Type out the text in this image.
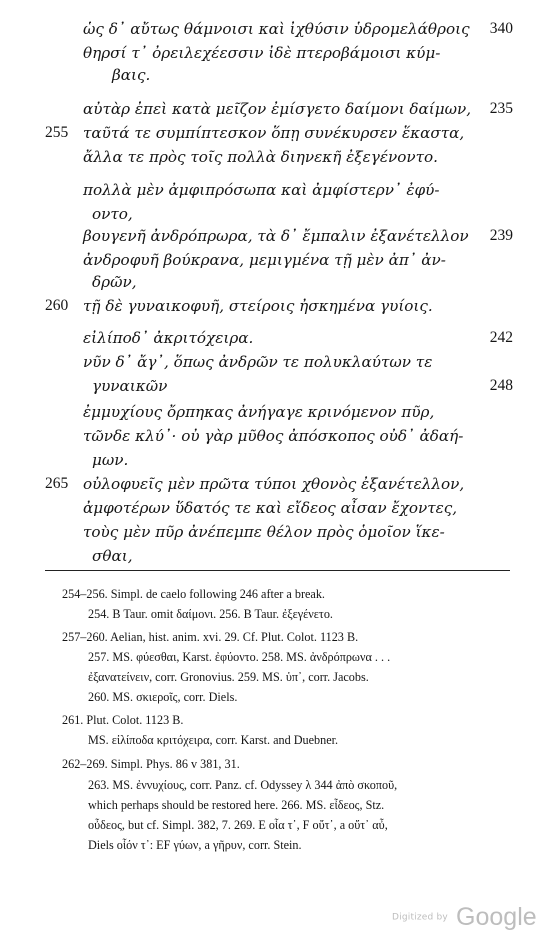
ὡς δ᾿ αὔτως θάμνοισι καὶ ἰχθύσιν ὑδρομελάθροις 340
θηρσί τ᾿ ὀρειλεχέεσσιν ἰδὲ πτεροβάμοισι κύμ-
βαις.
αὐτὰρ ἐπεὶ κατὰ μεῖζον ἐμίσγετο δαίμονι δαίμων, 235
ταῦτά τε συμπίπτεσκον ὅπῃ συνέκυρσεν ἕκαστα,
255
ἄλλα τε πρὸς τοῖς πολλὰ διηνεκῆ ἐξεγένοντο.
πολλὰ μὲν ἀμφιπρόσωπα καὶ ἀμφίστερν᾿ ἐφύ-
οντο,
βουγενῆ ἀνδρόπρωρα, τὰ δ᾿ ἔμπαλιν ἐξανέτελλον 239
ἀνδροφυῆ βούκρανα, μεμιγμένα τῇ μὲν ἀπ᾿ ἀν-
δρῶν,
τῇ δὲ γυναικοφυῆ, στείροις ἠσκημένα γυίοις.
260
εἰλίποδ᾿ ἀκριτόχειρα.	242
νῦν δ᾿ ἄγ᾿, ὅπως ἀνδρῶν τε πολυκλαύτων τε
γυναικῶν	248
ἐμμυχίους ὄρπηκας ἀνήγαγε κρινόμενον πῦρ,
τῶνδε κλύ᾿· οὐ γὰρ μῦθος ἀπόσκοπος οὐδ᾿ ἀδαή-
μων.
οὐλοφυεῖς μὲν πρῶτα τύποι χθονὸς ἐξανέτελλον,
265
ἀμφοτέρων ὕδατός τε καὶ εἴδεος αἶσαν ἔχοντες,
τοὺς μὲν πῦρ ἀνέπεμπε θέλον πρὸς ὁμοῖον ἵκε-
σθαι,
254–256. Simpl. de caelo following 246 after a break.
254. B Taur. omit δαίμονι. 256. B Taur. ἐξεγένετο.
257–260. Aelian, hist. anim. xvi. 29. Cf. Plut. Colot. 1123 B.
257. MS. φύεσθαι, Karst. ἐφύοντο. 258. MS. ἀνδρόπρωνα . . .
ἐξανατείνειν, corr. Gronovius. 259. MS. ὑπ᾿, corr. Jacobs.
260. MS. σκιεροῖς, corr. Diels.
261. Plut. Colot. 1123 B.
MS. εἰλίποδα κριτόχειρα, corr. Karst. and Duebner.
262–269. Simpl. Phys. 86 v 381, 31.
263. MS. ἐννυχίους, corr. Panz. cf. Odyssey λ 344 ἀπὸ σκοποῦ,
which perhaps should be restored here. 266. MS. εἶδεος, Stz.
οὖδεος, but cf. Simpl. 382, 7. 269. E οἷα τ᾿, F οὔτ᾿, a οὔτ᾿ αὖ,
Diels οἷόν τ᾿: EF γύων, a γῆρυν, corr. Stein.
Digitized by Google
